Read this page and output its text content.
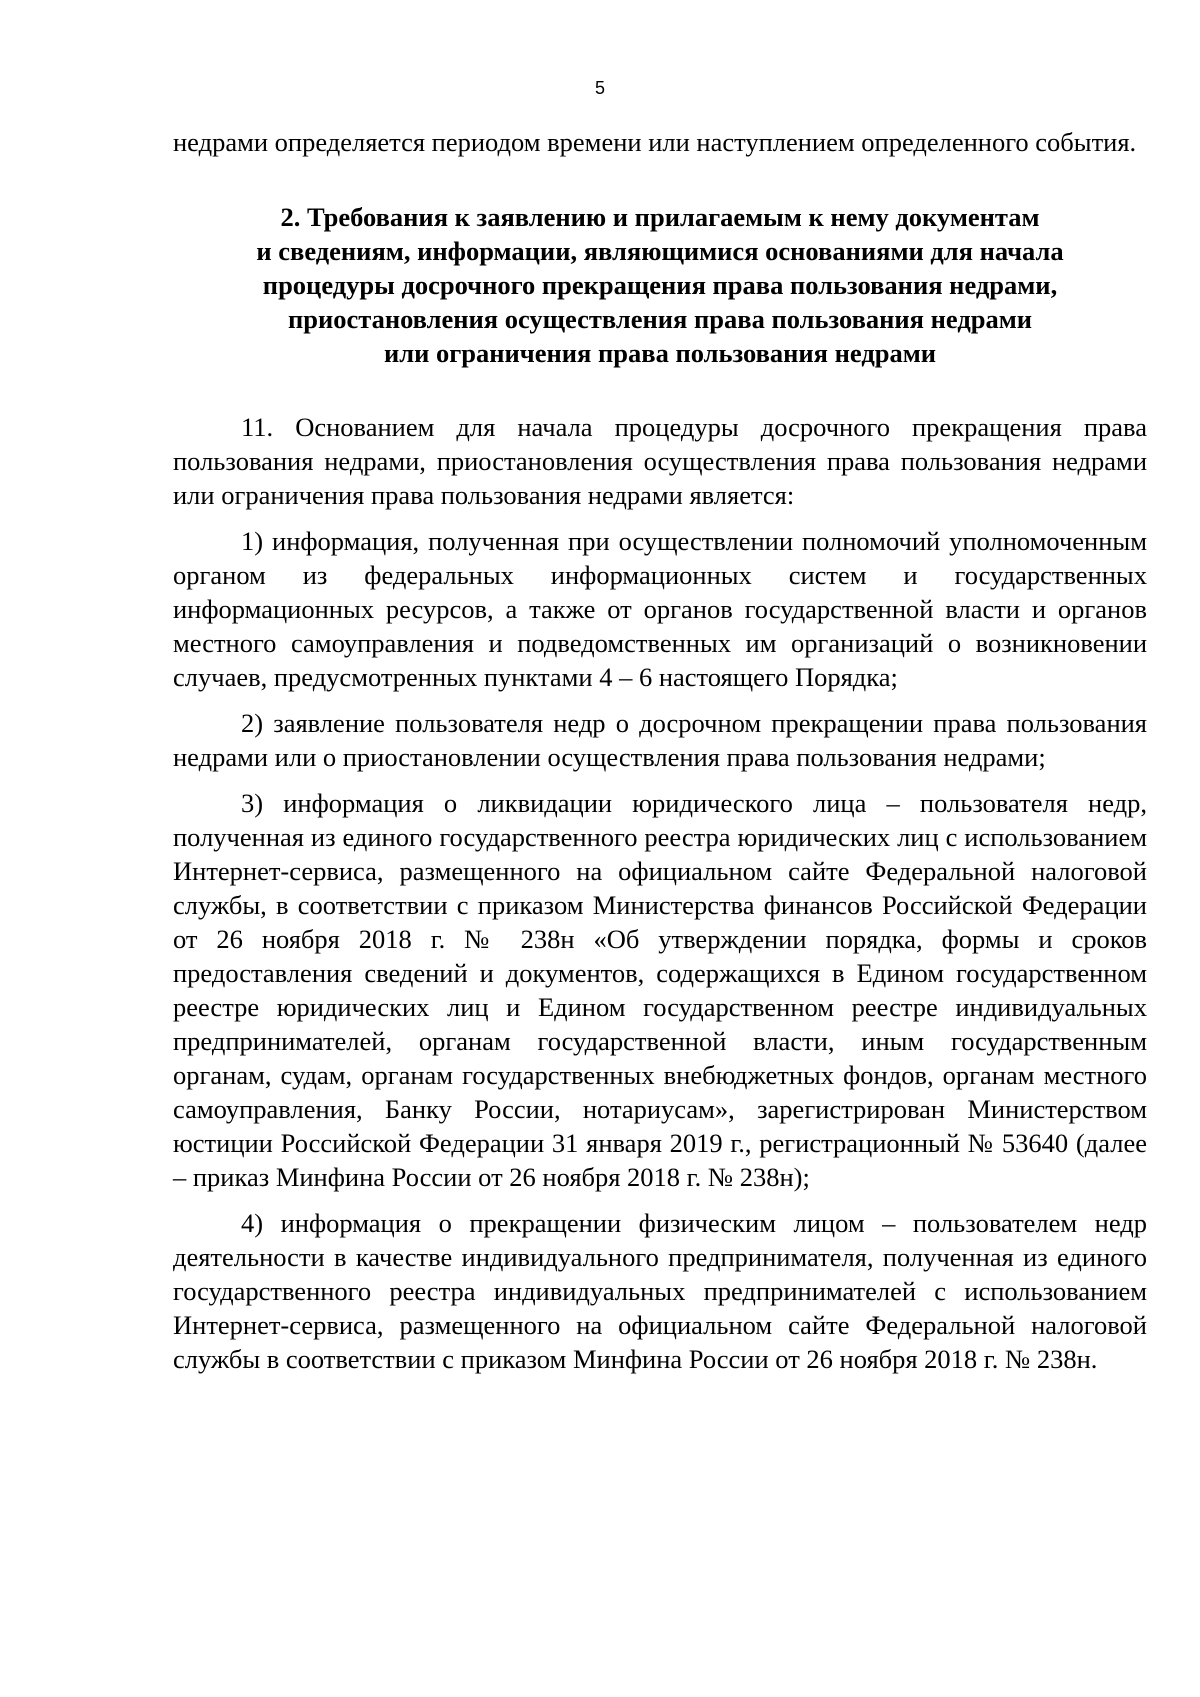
5

недрами определяется периодом времени или наступлением определенного события.

2. Требования к заявлению и прилагаемым к нему документам
и сведениям, информации, являющимися основаниями для начала
процедуры досрочного прекращения права пользования недрами,
приостановления осуществления права пользования недрами
или ограничения права пользования недрами

11. Основанием для начала процедуры досрочного прекращения права пользования недрами, приостановления осуществления права пользования недрами или ограничения права пользования недрами является:

1) информация, полученная при осуществлении полномочий уполномоченным органом из федеральных информационных систем и государственных информационных ресурсов, а также от органов государственной власти и органов местного самоуправления и подведомственных им организаций о возникновении случаев, предусмотренных пунктами 4 – 6 настоящего Порядка;

2) заявление пользователя недр о досрочном прекращении права пользования недрами или о приостановлении осуществления права пользования недрами;

3) информация о ликвидации юридического лица – пользователя недр, полученная из единого государственного реестра юридических лиц с использованием Интернет-сервиса, размещенного на официальном сайте Федеральной налоговой службы, в соответствии с приказом Министерства финансов Российской Федерации от 26 ноября 2018 г. № 238н «Об утверждении порядка, формы и сроков предоставления сведений и документов, содержащихся в Едином государственном реестре юридических лиц и Едином государственном реестре индивидуальных предпринимателей, органам государственной власти, иным государственным органам, судам, органам государственных внебюджетных фондов, органам местного самоуправления, Банку России, нотариусам», зарегистрирован Министерством юстиции Российской Федерации 31 января 2019 г., регистрационный № 53640 (далее – приказ Минфина России от 26 ноября 2018 г. № 238н);

4) информация о прекращении физическим лицом – пользователем недр деятельности в качестве индивидуального предпринимателя, полученная из единого государственного реестра индивидуальных предпринимателей с использованием Интернет-сервиса, размещенного на официальном сайте Федеральной налоговой службы в соответствии с приказом Минфина России от 26 ноября 2018 г. № 238н.
